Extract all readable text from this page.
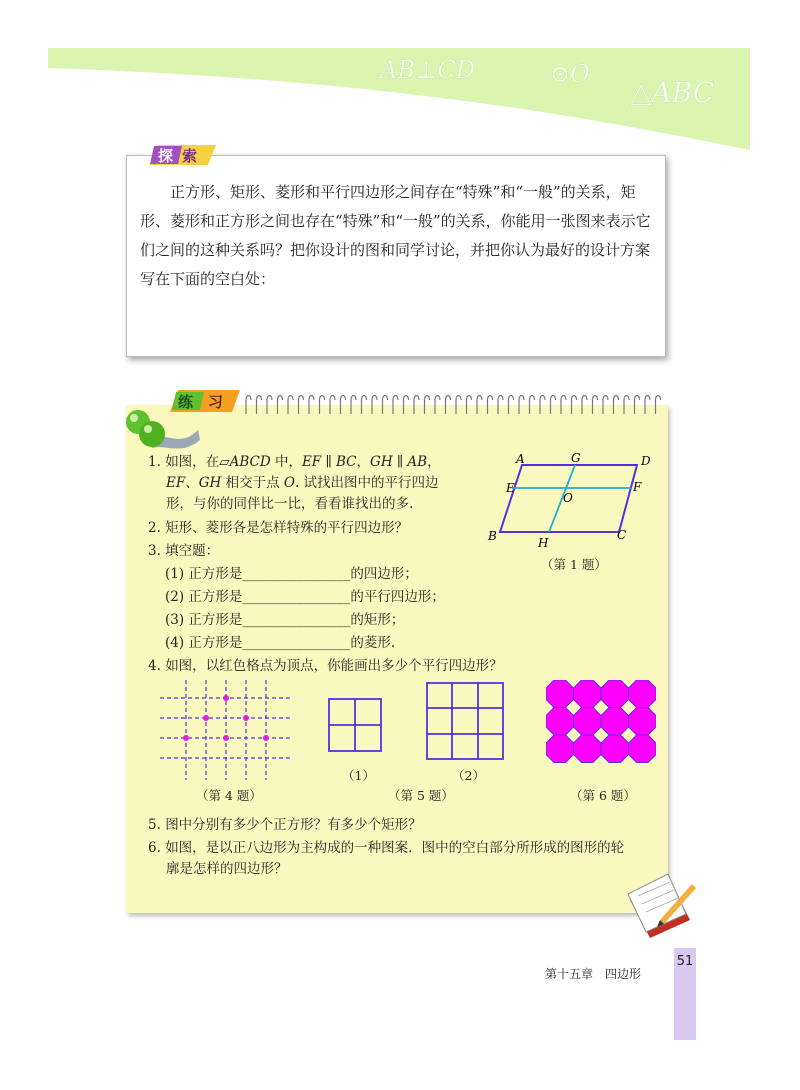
AB⊥CD	⊙O
△ABC
探 索

正方形、矩形、菱形和平行四边形之间存在“特殊”和“一般”的关系，矩形、菱形和正方形之间也存在“特殊”和“一般”的关系，你能用一张图来表示它们之间的这种关系吗？把你设计的图和同学讨论，并把你认为最好的设计方案写在下面的空白处：

练 习
1. 如图，在▱ABCD 中，EF ∥ BC，GH ∥ AB，
EF、GH 相交于点 O. 试找出图中的平行四边
形，与你的同伴比一比，看看谁找出的多.
A	G	D
E	F
O
B	H
C
（第 1 题）
2. 矩形、菱形各是怎样特殊的平行四边形？
3. 填空题：
(1) 正方形是________________的四边形；
(2) 正方形是________________的平行四边形；
(3) 正方形是________________的矩形；
(4) 正方形是________________的菱形.
4. 如图，以红色格点为顶点，你能画出多少个平行四边形？
（第 4 题）
（1）	（2）
（第 5 题）	（第 6 题）
5. 图中分别有多少个正方形？有多少个矩形？
6. 如图，是以正八边形为主构成的一种图案．图中的空白部分所形成的图形的轮
廓是怎样的四边形？
第十五章　四边形
51
